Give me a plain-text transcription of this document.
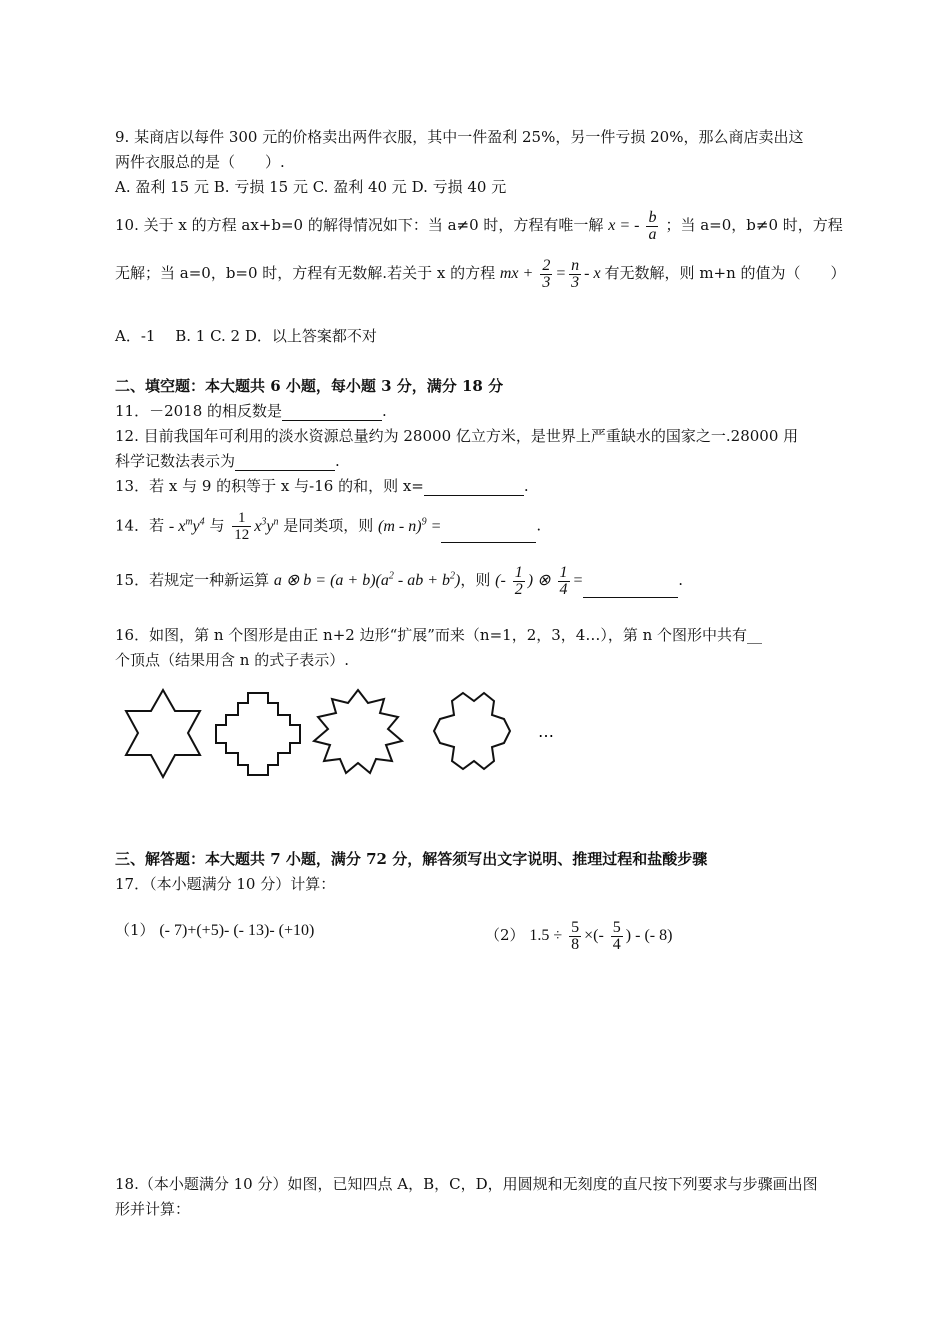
9. 某商店以每件 300 元的价格卖出两件衣服，其中一件盈利 25%，另一件亏损 20%，那么商店卖出这
两件衣服总的是（　　）.
A. 盈利 15 元 B. 亏损 15 元 C. 盈利 40 元 D. 亏损 40 元
10. 关于 x 的方程 ax+b=0 的解得情况如下：当 a≠0 时，方程有唯一解 x = - $\frac{b}{a}$ ；当 a=0，b≠0 时，方程
无解；当 a=0，b=0 时，方程有无数解.若关于 x 的方程 mx + $\frac{2}{3} = \frac{n}{3} - x$ 有无数解，则 m+n 的值为（　　）
A．-1　 B. 1 C. 2 D．以上答案都不对
二、填空题：本大题共 6 小题，每小题 3 分，满分 18 分
11．－2018 的相反数是	.
12. 目前我国年可利用的淡水资源总量约为 28000 亿立方米，是世界上严重缺水的国家之一.28000 用
科学记数法表示为	.
13．若 x 与 9 的积等于 x 与-16 的和，则 x=	.
14．若 - $x^my^4$ 与 $\frac{1}{12} x^3y^n$ 是同类项，则 (m - n)$^9$ =	.
15．若规定一种新运算 a ⊗ $b = (a + b)(a^2$ - ab + $b^2$)，则 (- $\frac{1}{2}$ ) ⊗ $\frac{1}{4}$ =	.
16．如图，第 n 个图形是由正 n+2 边形“扩展”而来（n=1，2，3，4…），第 n 个图形中共有__
个顶点（结果用含 n 的式子表示）.
…
三、解答题：本大题共 7 小题，满分 72 分，解答须写出文字说明、推理过程和盐酸步骤
17．（本小题满分 10 分）计算：
（1） (- 7)+(+5)- (- 13)- (+10)	（2） $1.5 \div \frac{5}{8}$ ×(- $\frac{5}{4}$ ) - (- 8)
18.（本小题满分 10 分）如图，已知四点 A，B，C，D，用圆规和无刻度的直尺按下列要求与步骤画出图
形并计算：
